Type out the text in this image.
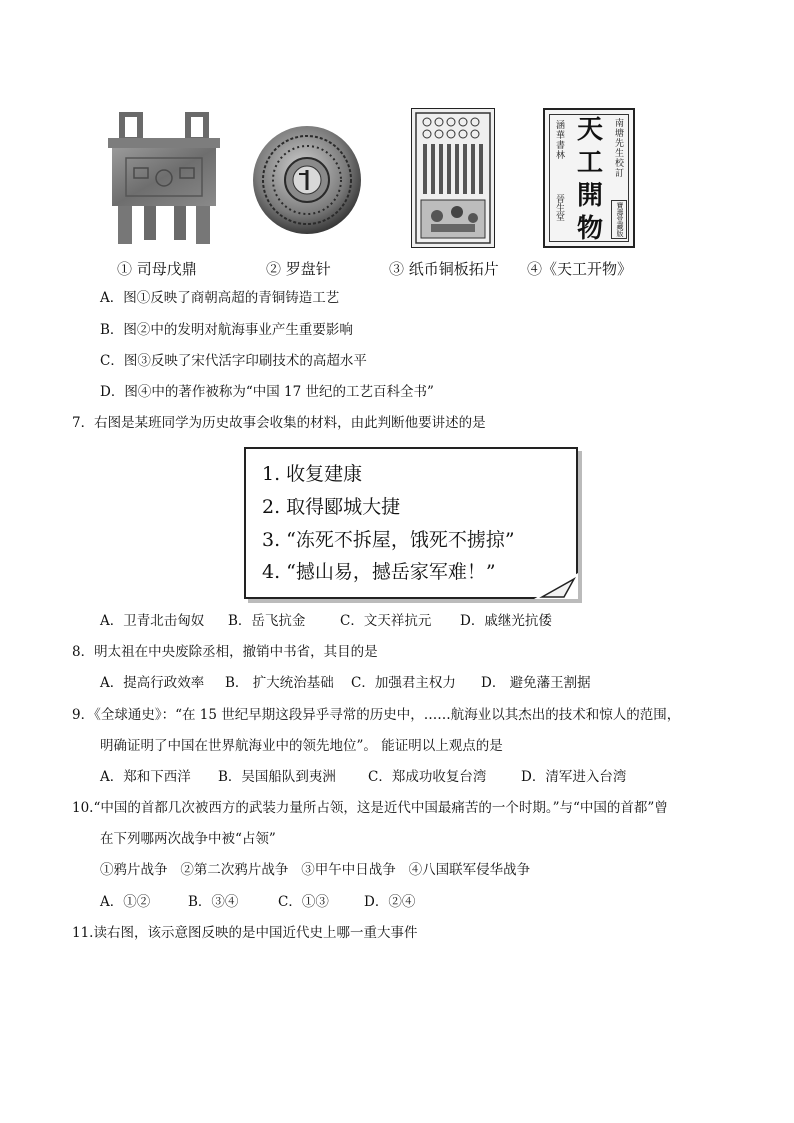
南塘先生校訂
涵華書林
晉生堂
天工開物	寶壽堂藏版
① 司母戊鼎	② 罗盘针	③ 纸币铜板拓片 ④《天工开物》
A．图①反映了商朝高超的青铜铸造工艺
B．图②中的发明对航海事业产生重要影响
C．图③反映了宋代活字印刷技术的高超水平
D．图④中的著作被称为“中国 17 世纪的工艺百科全书”
7．右图是某班同学为历史故事会收集的材料，由此判断他要讲述的是
1. 收复建康
2. 取得郾城大捷
3. “冻死不拆屋，饿死不掳掠”
4. “撼山易，撼岳家军难！”
A．卫青北击匈奴 B．岳飞抗金	C．文天祥抗元 D．戚继光抗倭
8．明太祖在中央废除丞相，撤销中书省，其目的是
A．提高行政效率 B． 扩大统治基础 C．加强君主权力 D． 避免藩王割据
9．《全球通史》：“在 15 世纪早期这段异乎寻常的历史中，……航海业以其杰出的技术和惊人的范围，
明确证明了中国在世界航海业中的领先地位”。 能证明以上观点的是
A．郑和下西洋 B．吴国船队到夷洲 C．郑成功收复台湾	D．清军进入台湾
10.“中国的首都几次被西方的武装力量所占领，这是近代中国最痛苦的一个时期。”与“中国的首都”曾
在下列哪两次战争中被“占领”
①鸦片战争   ②第二次鸦片战争   ③甲午中日战争   ④八国联军侵华战争
A．①②	B．③④	C．①③	D．②④
11.读右图，该示意图反映的是中国近代史上哪一重大事件
